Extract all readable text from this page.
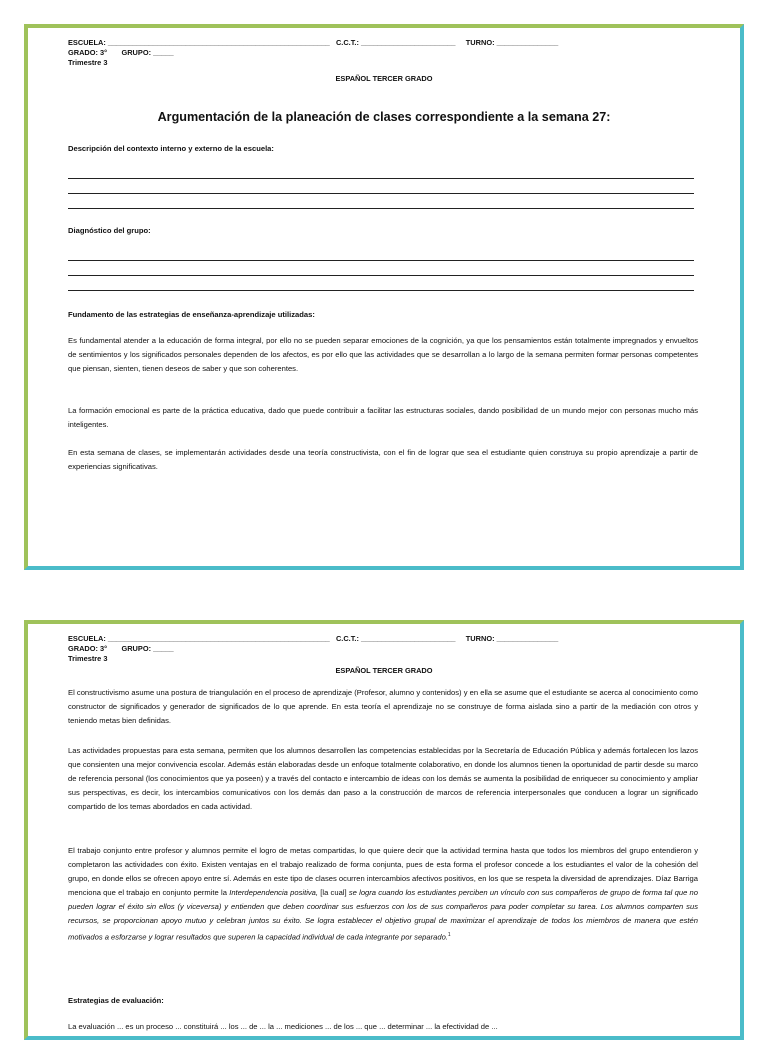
ESCUELA: ______________________________________________________   C.C.T.: _______________________     TURNO: _______________
GRADO: 3°       GRUPO: _____
Trimestre 3
ESPAÑOL TERCER GRADO
Argumentación de la planeación de clases correspondiente a la semana 27:
Descripción del contexto interno y externo de la escuela:
Diagnóstico del grupo:
Fundamento de las estrategias de enseñanza-aprendizaje utilizadas:

Es fundamental atender a la educación de forma integral, por ello no se pueden separar emociones de la cognición, ya que los pensamientos están totalmente impregnados y envueltos de sentimientos y los significados personales dependen de los afectos, es por ello que las actividades que se desarrollan a lo largo de la semana permiten formar personas competentes que piensan, sienten, tienen deseos de saber y que son coherentes.

La formación emocional es parte de la práctica educativa, dado que puede contribuir a facilitar las estructuras sociales, dando posibilidad de un mundo mejor con personas mucho más inteligentes.

En esta semana de clases, se implementarán actividades desde una teoría constructivista, con el fin de lograr que sea el estudiante quien construya su propio aprendizaje a partir de experiencias significativas.

ESCUELA: ______________________________________________________   C.C.T.: _______________________     TURNO: _______________
GRADO: 3°       GRUPO: _____
Trimestre 3
ESPAÑOL TERCER GRADO

El constructivismo asume una postura de triangulación en el proceso de aprendizaje (Profesor, alumno y contenidos) y en ella se asume que el estudiante se acerca al conocimiento como constructor de significados y generador de significados de lo que aprende. En esta teoría el aprendizaje no se construye de forma aislada sino a partir de la mediación con otros y teniendo metas bien definidas.

Las actividades propuestas para esta semana, permiten que los alumnos desarrollen las competencias establecidas por la Secretaría de Educación Pública y además fortalecen los lazos que consienten una mejor convivencia escolar. Además están elaboradas desde un enfoque totalmente colaborativo, en donde los alumnos tienen la oportunidad de partir desde su marco de referencia personal (los conocimientos que ya poseen) y a través del contacto e intercambio de ideas con los demás se aumenta la posibilidad de enriquecer su conocimiento y ampliar sus perspectivas, es decir, los intercambios comunicativos con los demás dan paso a la construcción de marcos de referencia interpersonales que conducen a lograr un significado compartido de los temas abordados en cada actividad.

El trabajo conjunto entre profesor y alumnos permite el logro de metas compartidas, lo que quiere decir que la actividad termina hasta que todos los miembros del grupo entendieron y completaron las actividades con éxito. Existen ventajas en el trabajo realizado de forma conjunta, pues de esta forma el profesor concede a los estudiantes el valor de la cohesión del grupo, en donde ellos se ofrecen apoyo entre sí. Además en este tipo de clases ocurren intercambios afectivos positivos, en los que se respeta la diversidad de aprendizajes. Díaz Barriga menciona que el trabajo en conjunto permite la Interdependencia positiva, [la cual] se logra cuando los estudiantes perciben un vínculo con sus compañeros de grupo de forma tal que no pueden lograr el éxito sin ellos (y viceversa) y entienden que deben coordinar sus esfuerzos con los de sus compañeros para poder completar su tarea. Los alumnos comparten sus recursos, se proporcionan apoyo mutuo y celebran juntos su éxito. Se logra establecer el objetivo grupal de maximizar el aprendizaje de todos los miembros de manera que estén motivados a esforzarse y lograr resultados que superen la capacidad individual de cada integrante por separado.$^1$

Estrategias de evaluación:

La evaluación ... es un proceso ... constituirá ... los ... de ... la ... mediciones ... de los ... que ... determinar ... la efectividad de ...
